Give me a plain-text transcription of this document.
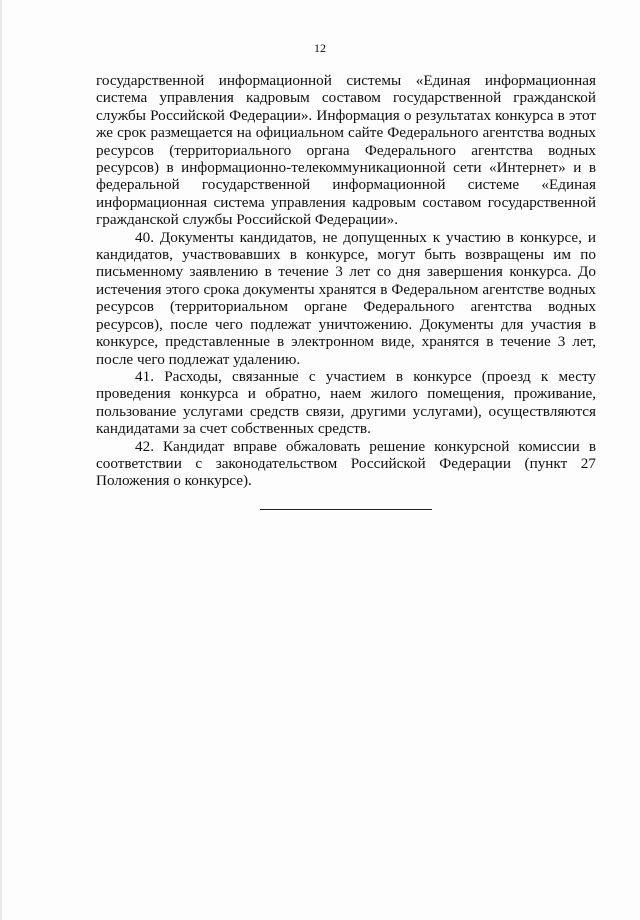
12

государственной информационной системы «Единая информационная система управления кадровым составом государственной гражданской службы Российской Федерации». Информация о результатах конкурса в этот же срок размещается на официальном сайте Федерального агентства водных ресурсов (территориального органа Федерального агентства водных ресурсов) в информационно-телекоммуникационной сети «Интернет» и в федеральной государственной информационной системе «Единая информационная система управления кадровым составом государственной гражданской службы Российской Федерации».

40. Документы кандидатов, не допущенных к участию в конкурсе, и кандидатов, участвовавших в конкурсе, могут быть возвращены им по письменному заявлению в течение 3 лет со дня завершения конкурса. До истечения этого срока документы хранятся в Федеральном агентстве водных ресурсов (территориальном органе Федерального агентства водных ресурсов), после чего подлежат уничтожению. Документы для участия в конкурсе, представленные в электронном виде, хранятся в течение 3 лет, после чего подлежат удалению.

41. Расходы, связанные с участием в конкурсе (проезд к месту проведения конкурса и обратно, наем жилого помещения, проживание, пользование услугами средств связи, другими услугами), осуществляются кандидатами за счет собственных средств.

42. Кандидат вправе обжаловать решение конкурсной комиссии в соответствии с законодательством Российской Федерации (пункт 27 Положения о конкурсе).
